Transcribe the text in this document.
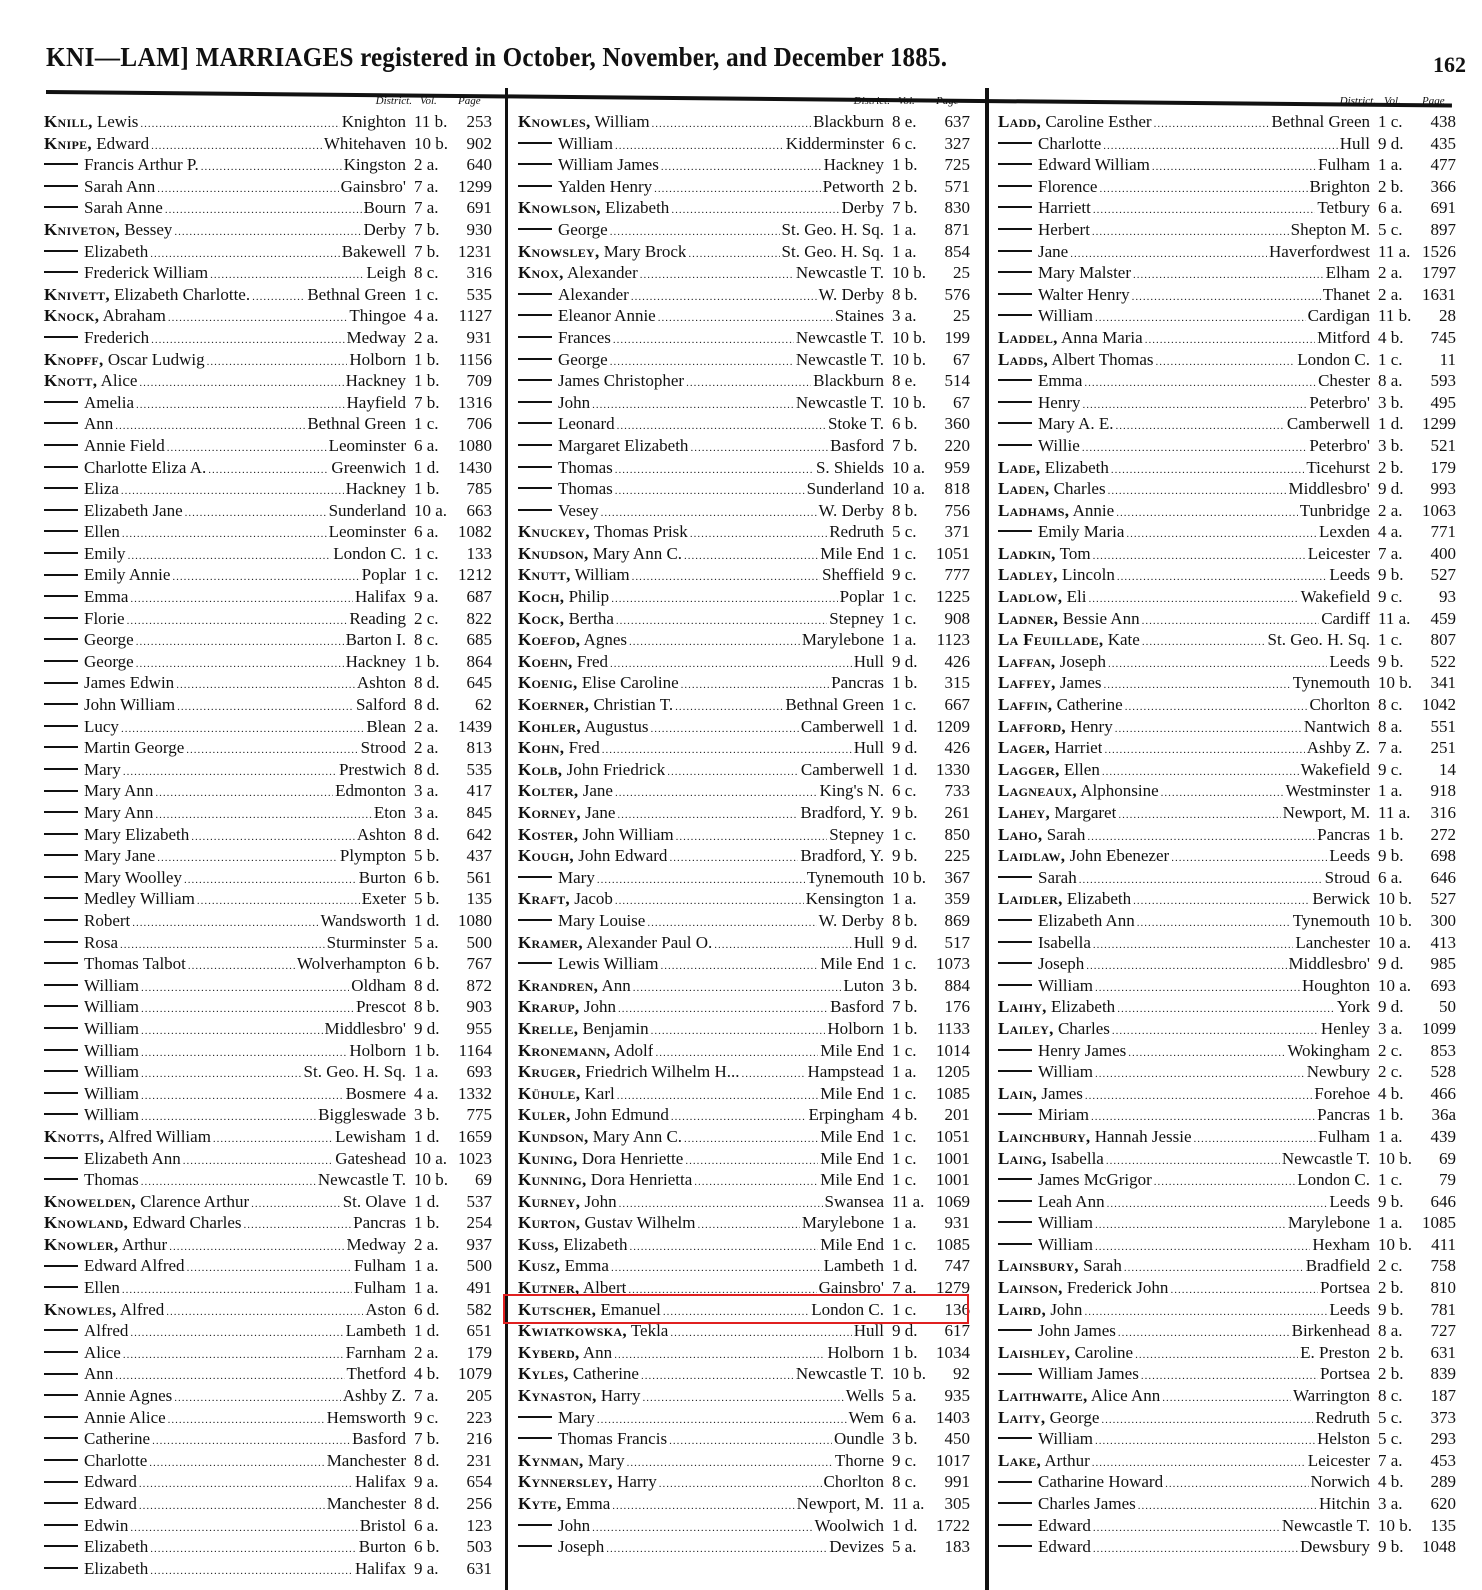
KNI—LAM] MARRIAGES registered in October, November, and December 1885.	162
District. Vol.	Page
Knill, Lewis .....	Knighton 11 b.	253
Knipe, Edward .....	Whitehaven 10 b.	902
Francis Arthur P. .....	Kingston 2 a.	640
Sarah Ann .....	Gainsbro' 7 a.	1299
Sarah Anne .....	Bourn 7 a.	691
Kniveton, Bessey .....	Derby 7 b.	930
Elizabeth .....	Bakewell 7 b.	1231
Frederick William .....	Leigh 8 c.	316
Knivett, Elizabeth Charlotte. .....	Bethnal Green 1 c.	535
Knock, Abraham .....	Thingoe 4 a.	1127
Frederich .....	Medway 2 a.	931
Knopff, Oscar Ludwig .....	Holborn 1 b.	1156
Knott, Alice .....	Hackney 1 b.	709
Amelia .....	Hayfield 7 b.	1316
Ann .....	Bethnal Green 1 c.	706
Annie Field .....	Leominster 6 a.	1080
Charlotte Eliza A. .....	Greenwich 1 d.	1430
Eliza .....	Hackney 1 b.	785
Elizabeth Jane .....	Sunderland 10 a.	663
Ellen .....	Leominster 6 a.	1082
Emily .....	London C. 1 c.	133
Emily Annie .....	Poplar 1 c.	1212
Emma .....	Halifax 9 a.	687
Florie .....	Reading 2 c.	822
George .....	Barton I. 8 c.	685
George .....	Hackney 1 b.	864
James Edwin .....	Ashton 8 d.	645
John William .....	Salford 8 d.	62
Lucy .....	Blean 2 a.	1439
Martin George .....	Strood 2 a.	813
Mary .....	Prestwich 8 d.	535
Mary Ann .....	Edmonton 3 a.	417
Mary Ann .....	Eton 3 a.	845
Mary Elizabeth .....	Ashton 8 d.	642
Mary Jane .....	Plympton 5 b.	437
Mary Woolley .....	Burton 6 b.	561
Medley William .....	Exeter 5 b.	135
Robert .....	Wandsworth 1 d.	1080
Rosa .....	Sturminster 5 a.	500
Thomas Talbot .....	Wolverhampton 6 b.	767
William .....	Oldham 8 d.	872
William .....	Prescot 8 b.	903
William .....	Middlesbro' 9 d.	955
William .....	Holborn 1 b.	1164
William .....	St. Geo. H. Sq. 1 a.	693
William .....	Bosmere 4 a.	1332
William .....	Biggleswade 3 b.	775
Knotts, Alfred William .....	Lewisham 1 d.	1659
Elizabeth Ann .....	Gateshead 10 a. 1023
Thomas .....	Newcastle T. 10 b.	69
Knowelden, Clarence Arthur .....	St. Olave 1 d.	537
Knowland, Edward Charles .....	Pancras 1 b.	254
Knowler, Arthur .....	Medway 2 a.	937
Edward Alfred .....	Fulham 1 a.	500
Ellen .....	Fulham 1 a.	491
Knowles, Alfred .....	Aston 6 d.	582
Alfred .....	Lambeth 1 d.	651
Alice .....	Farnham 2 a.	179
Ann .....	Thetford 4 b.	1079
Annie Agnes .....	Ashby Z. 7 a.	205
Annie Alice .....	Hemsworth 9 c.	223
Catherine .....	Basford 7 b.	216
Charlotte .....	Manchester 8 d.	231
Edward .....	Halifax 9 a.	654
Edward .....	Manchester 8 d.	256
Edwin .....	Bristol 6 a.	123
Elizabeth .....	Burton 6 b.	503
Elizabeth .....	Halifax 9 a.	631
District. Vol.	Page
Knowles, William .....	Blackburn 8 e.	637
William .....	Kidderminster 6 c.	327
William James .....	Hackney 1 b.	725
Yalden Henry .....	Petworth 2 b.	571
Knowlson, Elizabeth .....	Derby 7 b.	830
George .....	St. Geo. H. Sq. 1 a.	871
Knowsley, Mary Brock .....	St. Geo. H. Sq. 1 a.	854
Knox, Alexander .....	Newcastle T. 10 b.	25
Alexander .....	W. Derby 8 b.	576
Eleanor Annie .....	Staines 3 a.	25
Frances .....	Newcastle T. 10 b.	199
George .....	Newcastle T. 10 b.	67
James Christopher .....	Blackburn 8 e.	514
John .....	Newcastle T. 10 b.	67
Leonard .....	Stoke T. 6 b.	360
Margaret Elizabeth .....	Basford 7 b.	220
Thomas .....	S. Shields 10 a.	959
Thomas .....	Sunderland 10 a.	818
Vesey .....	W. Derby 8 b.	756
Knuckey, Thomas Prisk .....	Redruth 5 c.	371
Knudson, Mary Ann C. .....	Mile End 1 c.	1051
Knutt, William .....	Sheffield 9 c.	777
Koch, Philip .....	Poplar 1 c.	1225
Kock, Bertha .....	Stepney 1 c.	908
Koefod, Agnes .....	Marylebone 1 a.	1123
Koehn, Fred .....	Hull 9 d.	426
Koenig, Elise Caroline .....	Pancras 1 b.	315
Koerner, Christian T. .....	Bethnal Green 1 c.	667
Kohler, Augustus .....	Camberwell 1 d.	1209
Kohn, Fred .....	Hull 9 d.	426
Kolb, John Friedrick .....	Camberwell 1 d.	1330
Kolter, Jane .....	King's N. 6 c.	733
Korney, Jane .....	Bradford, Y. 9 b.	261
Koster, John William .....	Stepney 1 c.	850
Kough, John Edward .....	Bradford, Y. 9 b.	225
Mary .....	Tynemouth 10 b.	367
Kraft, Jacob .....	Kensington 1 a.	359
Mary Louise .....	W. Derby 8 b.	869
Kramer, Alexander Paul O. .....	Hull 9 d.	517
Lewis William .....	Mile End 1 c.	1073
Krandren, Ann .....	Luton 3 b.	884
Krarup, John .....	Basford 7 b.	176
Krelle, Benjamin .....	Holborn 1 b.	1133
Kronemann, Adolf .....	Mile End 1 c.	1014
Kruger, Friedrich Wilhelm H... .....	Hampstead 1 a.	1205
Kühule, Karl .....	Mile End 1 c.	1085
Kuler, John Edmund .....	Erpingham 4 b.	201
Kundson, Mary Ann C. .....	Mile End 1 c.	1051
Kuning, Dora Henriette .....	Mile End 1 c.	1001
Kunning, Dora Henrietta .....	Mile End 1 c.	1001
Kurney, John .....	Swansea 11 a. 1069
Kurton, Gustav Wilhelm .....	Marylebone 1 a.	931
Kuss, Elizabeth .....	Mile End 1 c.	1085
Kusz, Emma .....	Lambeth 1 d.	747
Kutner, Albert .....	Gainsbro' 7 a.	1279
Kutscher, Emanuel .....	London C. 1 c.	136
Kwiatkowska, Tekla .....	Hull 9 d.	617
Kyberd, Ann .....	Holborn 1 b.	1034
Kyles, Catherine .....	Newcastle T. 10 b.	92
Kynaston, Harry .....	Wells 5 a.	935
Mary .....	Wem 6 a.	1403
Thomas Francis .....	Oundle 3 b.	450
Kynman, Mary .....	Thorne 9 c.	1017
Kynnersley, Harry .....	Chorlton 8 c.	991
Kyte, Emma .....	Newport, M. 11 a.	305
John .....	Woolwich 1 d.	1722
Joseph .....	Devizes 5 a.	183
District. Vol.	Page
Ladd, Caroline Esther .....	Bethnal Green 1 c.	438
Charlotte .....	Hull 9 d.	435
Edward William .....	Fulham 1 a.	477
Florence .....	Brighton 2 b.	366
Harriett .....	Tetbury 6 a.	691
Herbert .....	Shepton M. 5 c.	897
Jane .....	Haverfordwest 11 a. 1526
Mary Malster .....	Elham 2 a.	1797
Walter Henry .....	Thanet 2 a.	1631
William .....	Cardigan 11 b.	28
Laddel, Anna Maria .....	Mitford 4 b.	745
Ladds, Albert Thomas .....	London C. 1 c.	11
Emma .....	Chester 8 a.	593
Henry .....	Peterbro' 3 b.	495
Mary A. E. .....	Camberwell 1 d.	1299
Willie .....	Peterbro' 3 b.	521
Lade, Elizabeth .....	Ticehurst 2 b.	179
Laden, Charles .....	Middlesbro' 9 d.	993
Ladhams, Annie .....	Tunbridge 2 a.	1063
Emily Maria .....	Lexden 4 a.	771
Ladkin, Tom .....	Leicester 7 a.	400
Ladley, Lincoln .....	Leeds 9 b.	527
Ladlow, Eli .....	Wakefield 9 c.	93
Ladner, Bessie Ann .....	Cardiff 11 a.	459
La Feuillade, Kate .....	St. Geo. H. Sq. 1 c.	807
Laffan, Joseph .....	Leeds 9 b.	522
Laffey, James .....	Tynemouth 10 b.	341
Laffin, Catherine .....	Chorlton 8 c.	1042
Lafford, Henry .....	Nantwich 8 a.	551
Lager, Harriet .....	Ashby Z. 7 a.	251
Lagger, Ellen .....	Wakefield 9 c.	14
Lagneaux, Alphonsine .....	Westminster 1 a.	918
Lahey, Margaret .....	Newport, M. 11 a.	316
Laho, Sarah .....	Pancras 1 b.	272
Laidlaw, John Ebenezer .....	Leeds 9 b.	698
Sarah .....	Stroud 6 a.	646
Laidler, Elizabeth .....	Berwick 10 b.	527
Elizabeth Ann .....	Tynemouth 10 b.	300
Isabella .....	Lanchester 10 a.	413
Joseph .....	Middlesbro' 9 d.	985
William .....	Houghton 10 a.	693
Laihy, Elizabeth .....	York 9 d.	50
Lailey, Charles .....	Henley 3 a.	1099
Henry James .....	Wokingham 2 c.	853
William .....	Newbury 2 c.	528
Lain, James .....	Forehoe 4 b.	466
Miriam .....	Pancras 1 b.	36a
Lainchbury, Hannah Jessie .....	Fulham 1 a.	439
Laing, Isabella .....	Newcastle T. 10 b.	69
James McGrigor .....	London C. 1 c.	79
Leah Ann .....	Leeds 9 b.	646
William .....	Marylebone 1 a.	1085
William .....	Hexham 10 b.	411
Lainsbury, Sarah .....	Bradfield 2 c.	758
Lainson, Frederick John .....	Portsea 2 b.	810
Laird, John .....	Leeds 9 b.	781
John James .....	Birkenhead 8 a.	727
Laishley, Caroline .....	E. Preston 2 b.	631
William James .....	Portsea 2 b.	839
Laithwaite, Alice Ann .....	Warrington 8 c.	187
Laity, George .....	Redruth 5 c.	373
William .....	Helston 5 c.	293
Lake, Arthur .....	Leicester 7 a.	453
Catharine Howard .....	Norwich 4 b.	289
Charles James .....	Hitchin 3 a.	620
Edward .....	Newcastle T. 10 b.	135
Edward .....	Dewsbury 9 b.	1048
